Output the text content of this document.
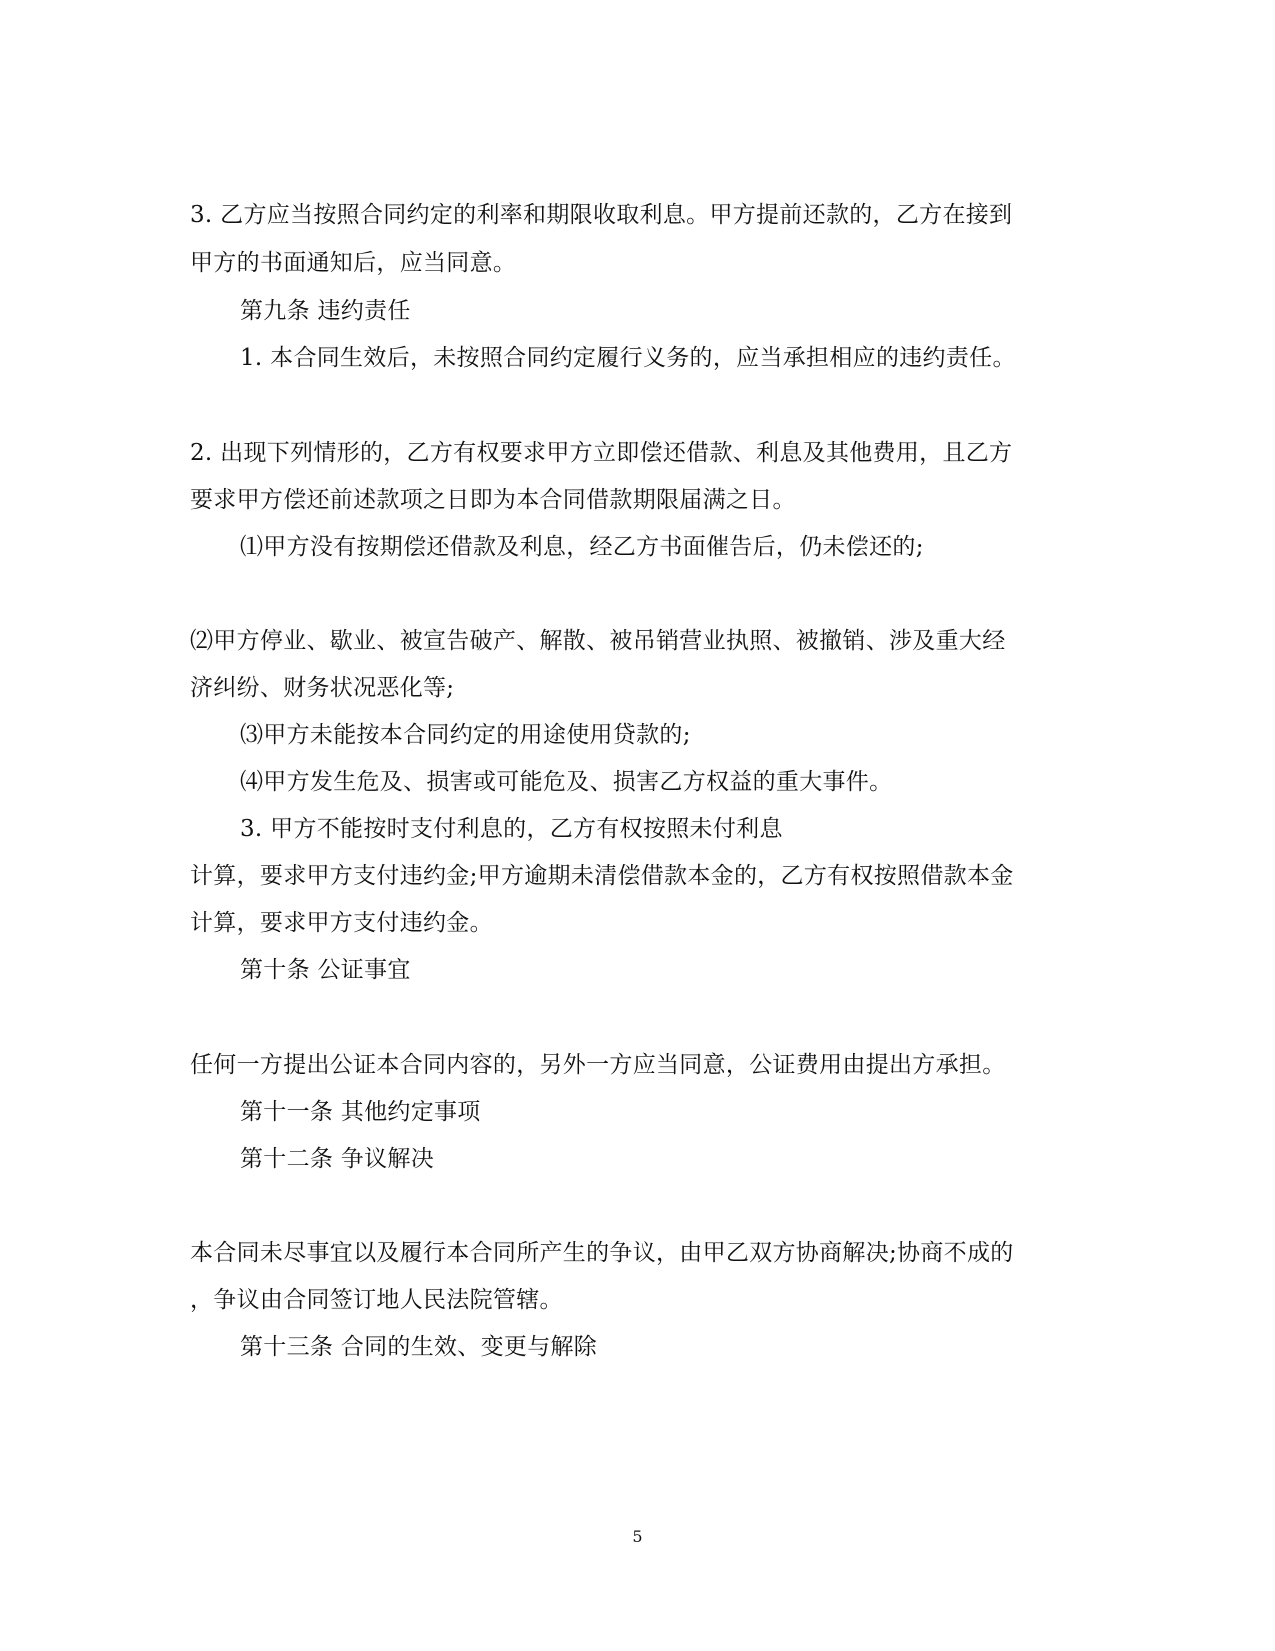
3. 乙方应当按照合同约定的利率和期限收取利息。甲方提前还款的，乙方在接到
甲方的书面通知后，应当同意。
第九条 违约责任
1. 本合同生效后，未按照合同约定履行义务的，应当承担相应的违约责任。
2. 出现下列情形的，乙方有权要求甲方立即偿还借款、利息及其他费用，且乙方
要求甲方偿还前述款项之日即为本合同借款期限届满之日。
⑴甲方没有按期偿还借款及利息，经乙方书面催告后，仍未偿还的;
⑵甲方停业、歇业、被宣告破产、解散、被吊销营业执照、被撤销、涉及重大经
济纠纷、财务状况恶化等;
⑶甲方未能按本合同约定的用途使用贷款的;
⑷甲方发生危及、损害或可能危及、损害乙方权益的重大事件。
3. 甲方不能按时支付利息的，乙方有权按照未付利息
计算，要求甲方支付违约金;甲方逾期未清偿借款本金的，乙方有权按照借款本金
计算，要求甲方支付违约金。
第十条 公证事宜
任何一方提出公证本合同内容的，另外一方应当同意，公证费用由提出方承担。
第十一条 其他约定事项
第十二条 争议解决
本合同未尽事宜以及履行本合同所产生的争议，由甲乙双方协商解决;协商不成的
，争议由合同签订地人民法院管辖。
第十三条 合同的生效、变更与解除
5
